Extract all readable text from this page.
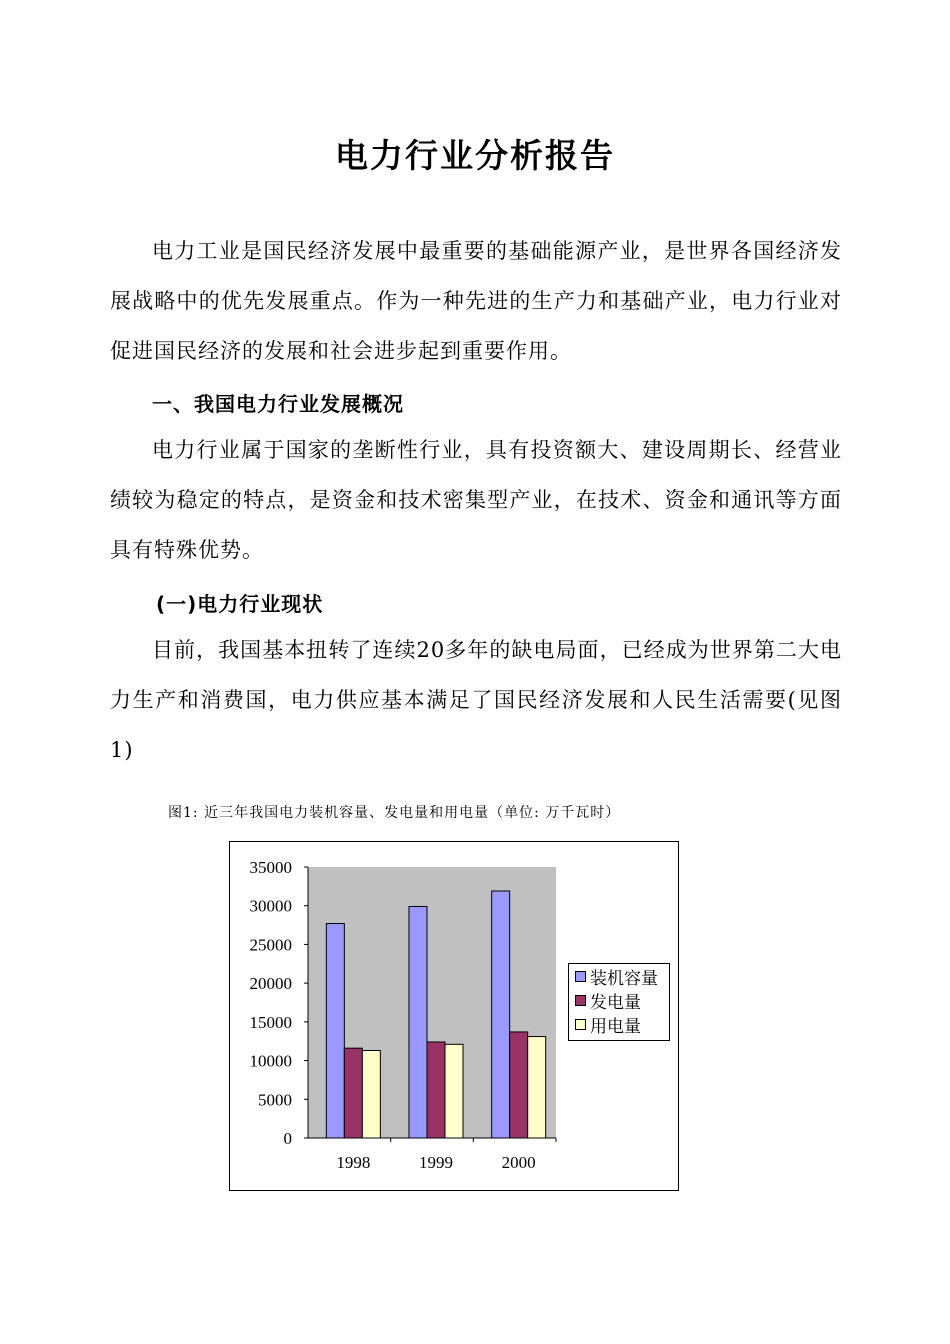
电力行业分析报告

电力工业是国民经济发展中最重要的基础能源产业，是世界各国经济发展战略中的优先发展重点。作为一种先进的生产力和基础产业，电力行业对促进国民经济的发展和社会进步起到重要作用。

一、我国电力行业发展概况

电力行业属于国家的垄断性行业，具有投资额大、建设周期长、经营业绩较为稳定的特点，是资金和技术密集型产业，在技术、资金和通讯等方面具有特殊优势。

(一)电力行业现状

目前，我国基本扭转了连续20多年的缺电局面，已经成为世界第二大电力生产和消费国，电力供应基本满足了国民经济发展和人民生活需要(见图1)

图1: 近三年我国电力装机容量、发电量和用电量（单位: 万千瓦时）
0
5000
10000
15000
20000
25000
30000
35000
1998	1999	2000
装机容量
发电量
用电量
